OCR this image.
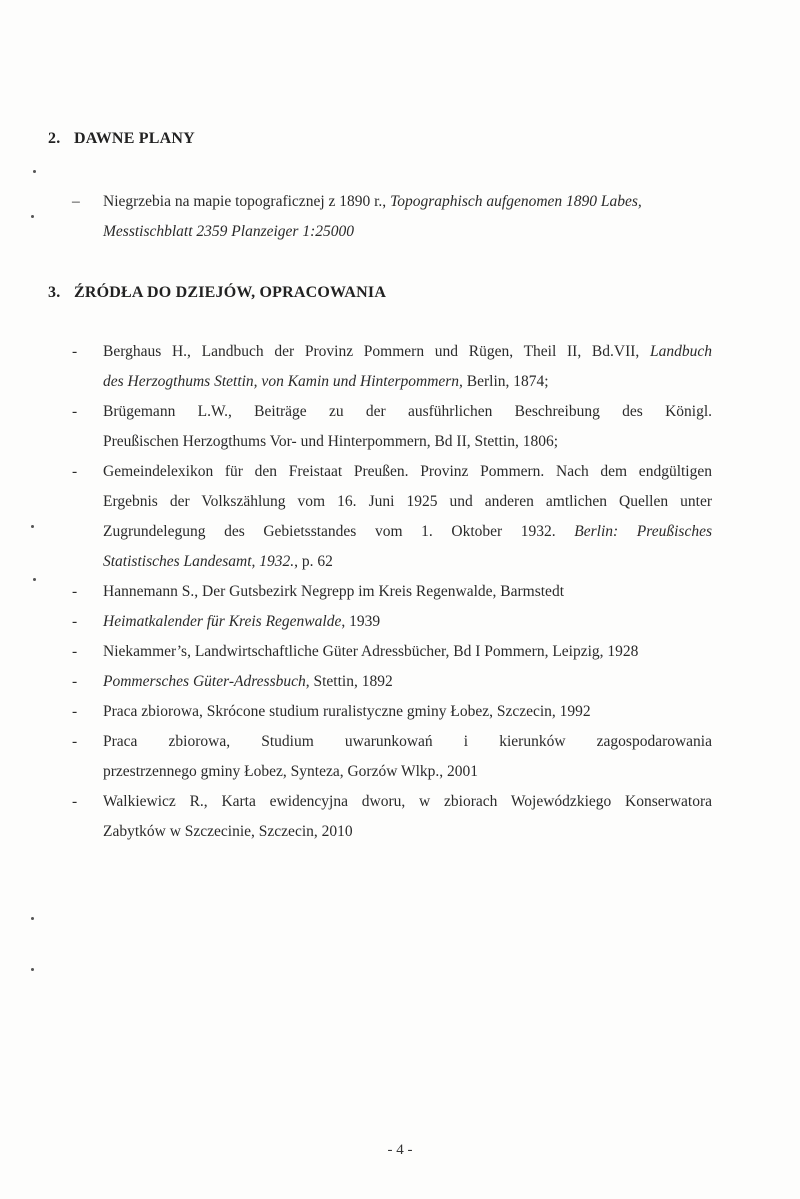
2. DAWNE PLANY
– Niegrzebia na mapie topograficznej z 1890 r., Topographisch aufgenomen 1890 Labes,
Messtischblatt 2359 Planzeiger 1:25000
3. ŹRÓDŁA DO DZIEJÓW, OPRACOWANIA
- Berghaus H., Landbuch der Provinz Pommern und Rügen, Theil II, Bd.VII, Landbuch
des Herzogthums Stettin, von Kamin und Hinterpommern, Berlin, 1874;
- Brügemann L.W., Beiträge zu der ausführlichen Beschreibung des Königl.
Preußischen Herzogthums Vor- und Hinterpommern, Bd II, Stettin, 1806;
- Gemeindelexikon für den Freistaat Preußen. Provinz Pommern. Nach dem endgültigen
Ergebnis der Volkszählung vom 16. Juni 1925 und anderen amtlichen Quellen unter
Zugrundelegung des Gebietsstandes vom 1. Oktober 1932. Berlin: Preußisches
Statistisches Landesamt, 1932., p. 62
- Hannemann S., Der Gutsbezirk Negrepp im Kreis Regenwalde, Barmstedt
- Heimatkalender für Kreis Regenwalde, 1939
- Niekammer’s, Landwirtschaftliche Güter Adressbücher, Bd I Pommern, Leipzig, 1928
- Pommersches Güter-Adressbuch, Stettin, 1892
- Praca zbiorowa, Skrócone studium ruralistyczne gminy Łobez, Szczecin, 1992
- Praca zbiorowa, Studium uwarunkowań i kierunków zagospodarowania
przestrzennego gminy Łobez, Synteza, Gorzów Wlkp., 2001
- Walkiewicz R., Karta ewidencyjna dworu, w zbiorach Wojewódzkiego Konserwatora
Zabytków w Szczecinie, Szczecin, 2010
- 4 -
